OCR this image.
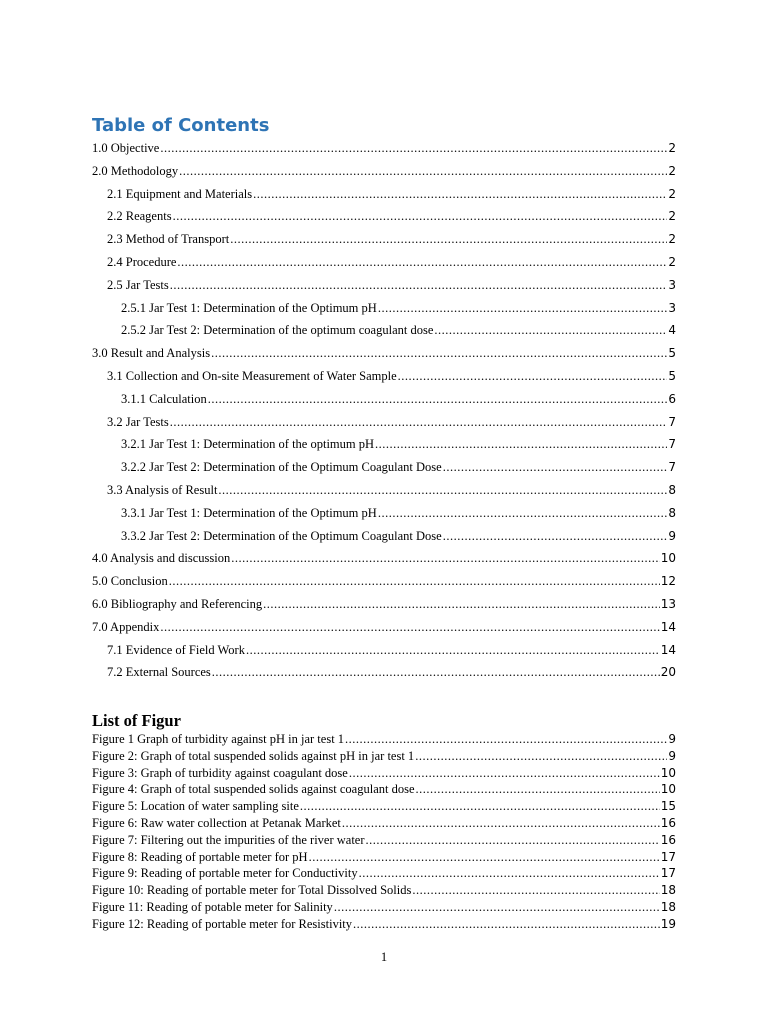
Table of Contents
1.0 Objective .....	2
2.0 Methodology .....	2
2.1 Equipment and Materials .....	2
2.2 Reagents .....	2
2.3 Method of Transport .....	2
2.4 Procedure .....	2
2.5 Jar Tests .....	3
2.5.1 Jar Test 1: Determination of the Optimum pH .....	3
2.5.2 Jar Test 2: Determination of the optimum coagulant dose .....	4
3.0 Result and Analysis .....	5
3.1 Collection and On-site Measurement of Water Sample .....	5
3.1.1 Calculation .....	6
3.2 Jar Tests .....	7
3.2.1 Jar Test 1: Determination of the optimum pH .....	7
3.2.2 Jar Test 2: Determination of the Optimum Coagulant Dose .....	7
3.3 Analysis of Result .....	8
3.3.1 Jar Test 1: Determination of the Optimum pH .....	8
3.3.2 Jar Test 2: Determination of the Optimum Coagulant Dose .....	9
4.0 Analysis and discussion .....	10
5.0 Conclusion .....	12
6.0 Bibliography and Referencing .....	13
7.0 Appendix .....	14
7.1 Evidence of Field Work .....	14
7.2 External Sources .....	20
List of Figur
Figure 1 Graph of turbidity against pH in jar test 1 .....	9
Figure 2: Graph of total suspended solids against pH in jar test 1 .....	9
Figure 3: Graph of turbidity against coagulant dose .....	10
Figure 4: Graph of total suspended solids against coagulant dose .....	10
Figure 5: Location of water sampling site .....	15
Figure 6: Raw water collection at Petanak Market .....	16
Figure 7: Filtering out the impurities of the river water .....	16
Figure 8: Reading of portable meter for pH .....	17
Figure 9: Reading of portable meter for Conductivity .....	17
Figure 10: Reading of portable meter for Total Dissolved Solids .....	18
Figure 11: Reading of potable meter for Salinity .....	18
Figure 12: Reading of portable meter for Resistivity .....	19
1
